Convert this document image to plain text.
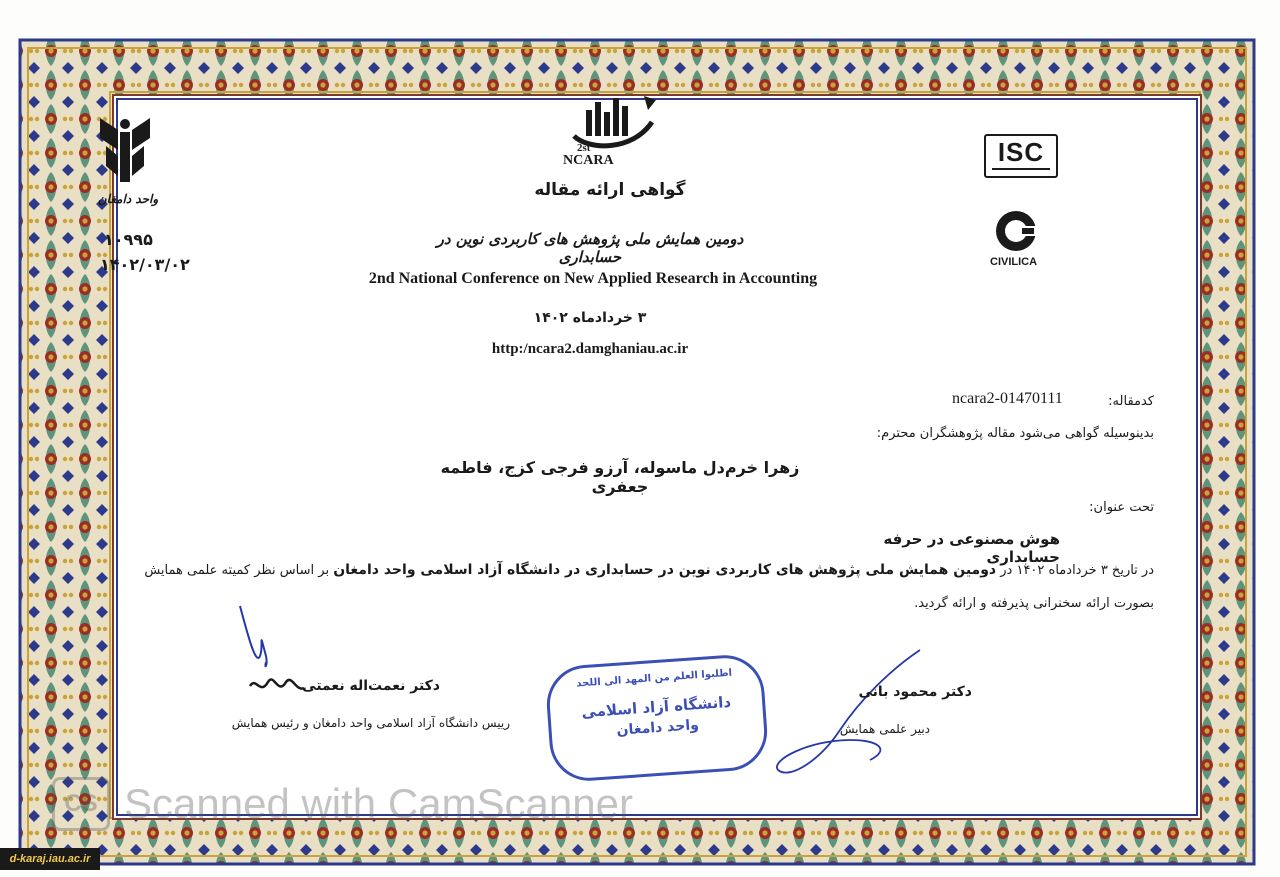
واحد دامغان
۱۰۹۹۵
۱۴۰۲/۰۳/۰۲
2st
NCARA	ISC
CIVILICA
گواهی ارائه مقاله
دومین همایش ملی پژوهش های کاربردی نوین در حسابداری
2nd National Conference on New Applied Research in Accounting
۳ خردادماه ۱۴۰۲
http:/ncara2.damghaniau.ac.ir
کدمقاله:
ncara2-01470111
بدینوسیله گواهی می‌شود مقاله پژوهشگران محترم:
زهرا خرم‌دل ماسوله، آرزو فرجی کزج، فاطمه جعفری
تحت عنوان:
هوش مصنوعی در حرفه حسابداری
در تاریخ ۳ خردادماه ۱۴۰۲ در دومین همایش ملی پژوهش های کاربردی نوین در حسابداری در دانشگاه آزاد اسلامی واحد دامغان بر اساس نظر کمیته علمی همایش
بصورت ارائه سخنرانی پذیرفته و ارائه گردید.
دکتر نعمت‌اله نعمتی
رییس دانشگاه آزاد اسلامی واحد دامغان و رئیس همایش
دکتر محمود بانی
دبیر علمی همایش
اطلبوا العلم من المهد الی اللحد
دانشگاه آزاد اسلامی
واحد دامغان
CS Scanned with CamScanner
d-karaj.iau.ac.ir
